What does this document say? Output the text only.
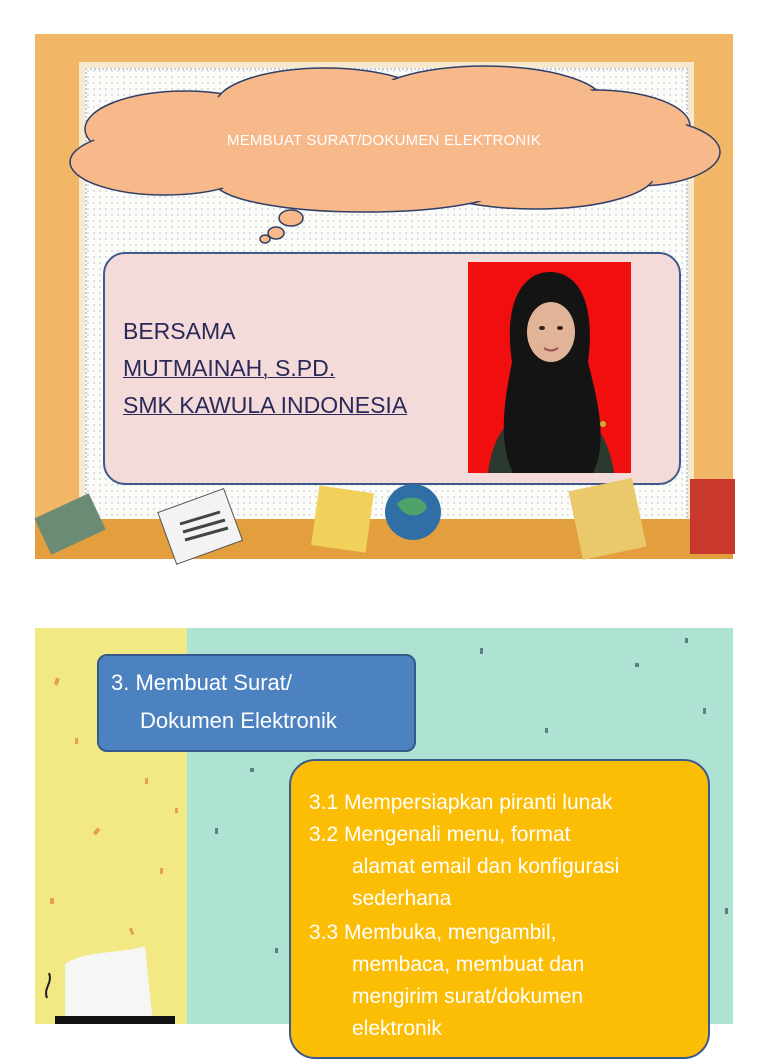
MEMBUAT SURAT/DOKUMEN ELEKTRONIK
BERSAMA
MUTMAINAH, S.PD.
SMK KAWULA INDONESIA
3. Membuat Surat/
Dokumen Elektronik
3.1 Mempersiapkan piranti lunak
3.2 Mengenali menu, format
alamat email dan konfigurasi
sederhana
3.3 Membuka, mengambil,
membaca, membuat dan
mengirim surat/dokumen
elektronik
